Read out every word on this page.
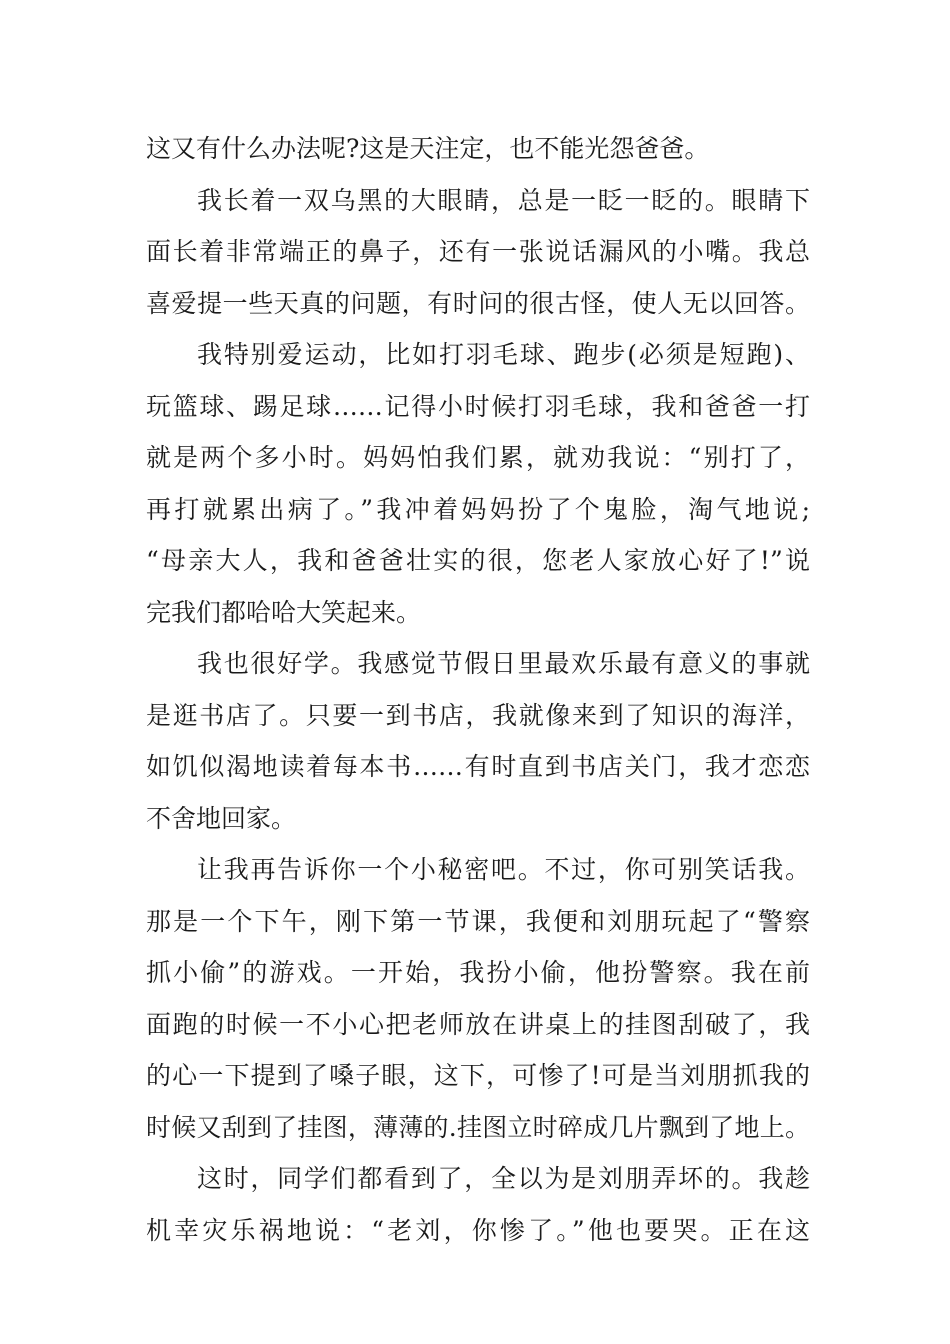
这又有什么办法呢?这是天注定，也不能光怨爸爸。
我长着一双乌黑的大眼睛，总是一眨一眨的。眼睛下
面长着非常端正的鼻子，还有一张说话漏风的小嘴。我总
喜爱提一些天真的问题，有时问的很古怪，使人无以回答。
我特别爱运动，比如打羽毛球、跑步(必须是短跑)、
玩篮球、踢足球……记得小时候打羽毛球，我和爸爸一打
就是两个多小时。妈妈怕我们累，就劝我说：“别打了，
再打就累出病了。”我冲着妈妈扮了个鬼脸，淘气地说;
“母亲大人，我和爸爸壮实的很，您老人家放心好了!”说
完我们都哈哈大笑起来。
我也很好学。我感觉节假日里最欢乐最有意义的事就
是逛书店了。只要一到书店，我就像来到了知识的海洋，
如饥似渴地读着每本书……有时直到书店关门，我才恋恋
不舍地回家。
让我再告诉你一个小秘密吧。不过，你可别笑话我。
那是一个下午，刚下第一节课，我便和刘朋玩起了“警察
抓小偷”的游戏。一开始，我扮小偷，他扮警察。我在前
面跑的时候一不小心把老师放在讲桌上的挂图刮破了，我
的心一下提到了嗓子眼，这下，可惨了!可是当刘朋抓我的
时候又刮到了挂图，薄薄的.挂图立时碎成几片飘到了地上。
这时，同学们都看到了，全以为是刘朋弄坏的。我趁
机幸灾乐祸地说：“老刘，你惨了。”他也要哭。正在这
